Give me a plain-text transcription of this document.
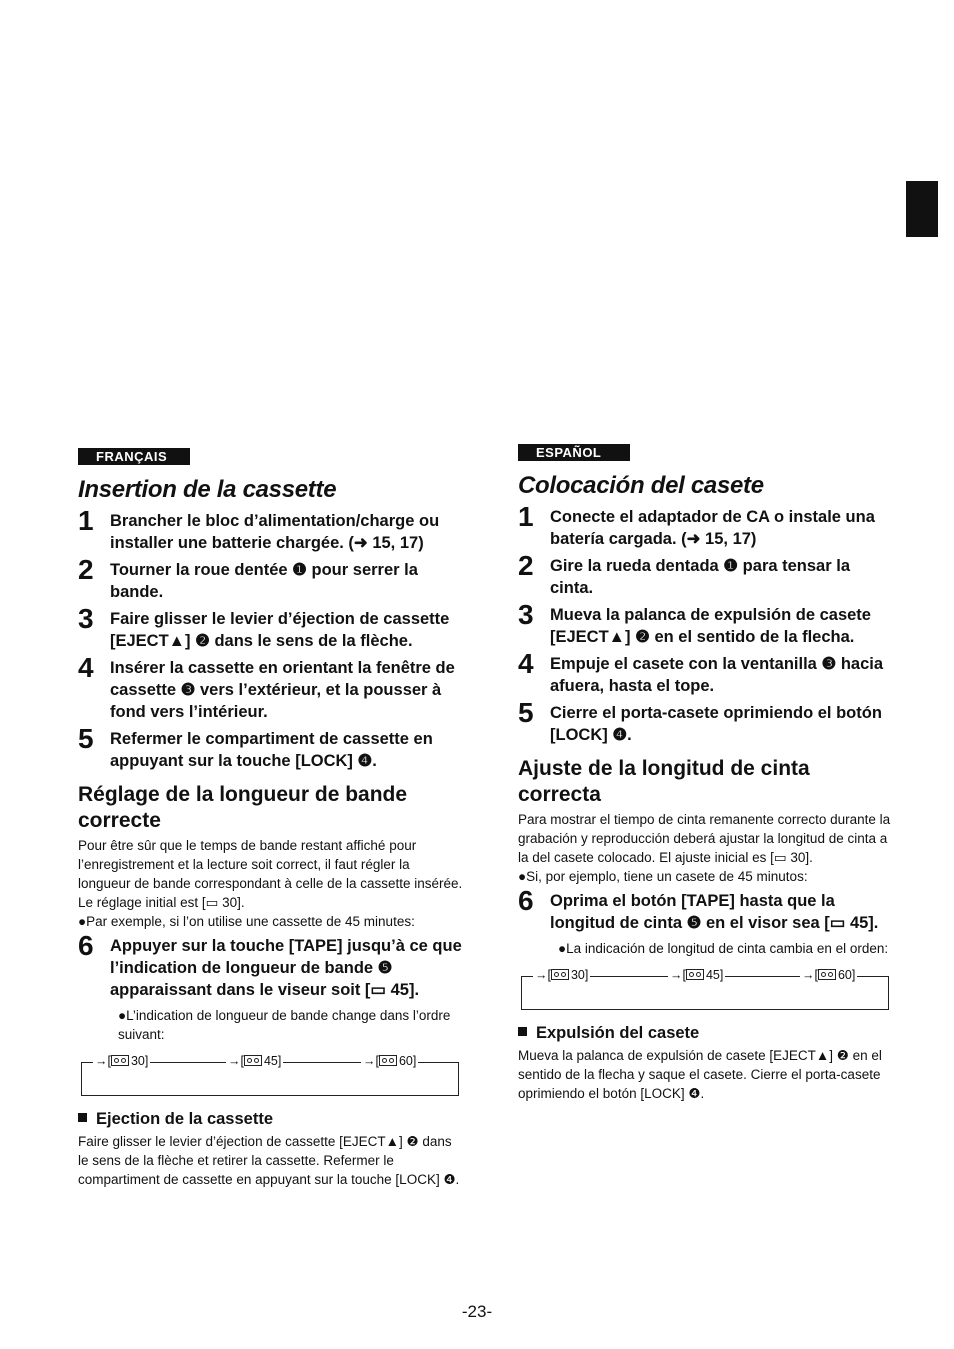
FRANÇAIS
Insertion de la cassette
1 Brancher le bloc d’alimentation/charge ou installer une batterie chargée. (➜ 15, 17)
2 Tourner la roue dentée ❶ pour serrer la bande.
3 Faire glisser le levier d’éjection de cassette [EJECT▲] ❷ dans le sens de la flèche.
4 Insérer la cassette en orientant la fenêtre de cassette ❸ vers l’extérieur, et la pousser à fond vers l’intérieur.
5 Refermer le compartiment de cassette en appuyant sur la touche [LOCK] ❹.
Réglage de la longueur de bande correcte
Pour être sûr que le temps de bande restant affiché pour l’enregistrement et la lecture soit correct, il faut régler la longueur de bande correspondant à celle de la cassette insérée. Le réglage initial est [▭ 30].
●Par exemple, si l’on utilise une cassette de 45 minutes:
6 Appuyer sur la touche [TAPE] jusqu’à ce que l’indication de longueur de bande ❺ apparaissant dans le viseur soit [▭ 45].
●L’indication de longueur de bande change dans l’ordre suivant:
→[ 30]	→[ 45]	→[ 60]
Ejection de la cassette
Faire glisser le levier d’éjection de cassette [EJECT▲] ❷ dans le sens de la flèche et retirer la cassette. Refermer le compartiment de cassette en appuyant sur la touche [LOCK] ❹.
ESPAÑOL
Colocación del casete
1 Conecte el adaptador de CA o instale una batería cargada. (➜ 15, 17)
2 Gire la rueda dentada ❶ para tensar la cinta.
3 Mueva la palanca de expulsión de casete [EJECT▲] ❷ en el sentido de la flecha.
4 Empuje el casete con la ventanilla ❸ hacia afuera, hasta el tope.
5 Cierre el porta-casete oprimiendo el botón [LOCK] ❹.
Ajuste de la longitud de cinta correcta
Para mostrar el tiempo de cinta remanente correcto durante la grabación y reproducción deberá ajustar la longitud de cinta a la del casete colocado. El ajuste inicial es [▭ 30].
●Si, por ejemplo, tiene un casete de 45 minutos:
6 Oprima el botón [TAPE] hasta que la longitud de cinta ❺ en el visor sea [▭ 45].
●La indicación de longitud de cinta cambia en el orden:
→[ 30]	→[ 45]	→[ 60]
Expulsión del casete
Mueva la palanca de expulsión de casete [EJECT▲] ❷ en el sentido de la flecha y saque el casete. Cierre el porta-casete oprimiendo el botón [LOCK] ❹.
-23-
